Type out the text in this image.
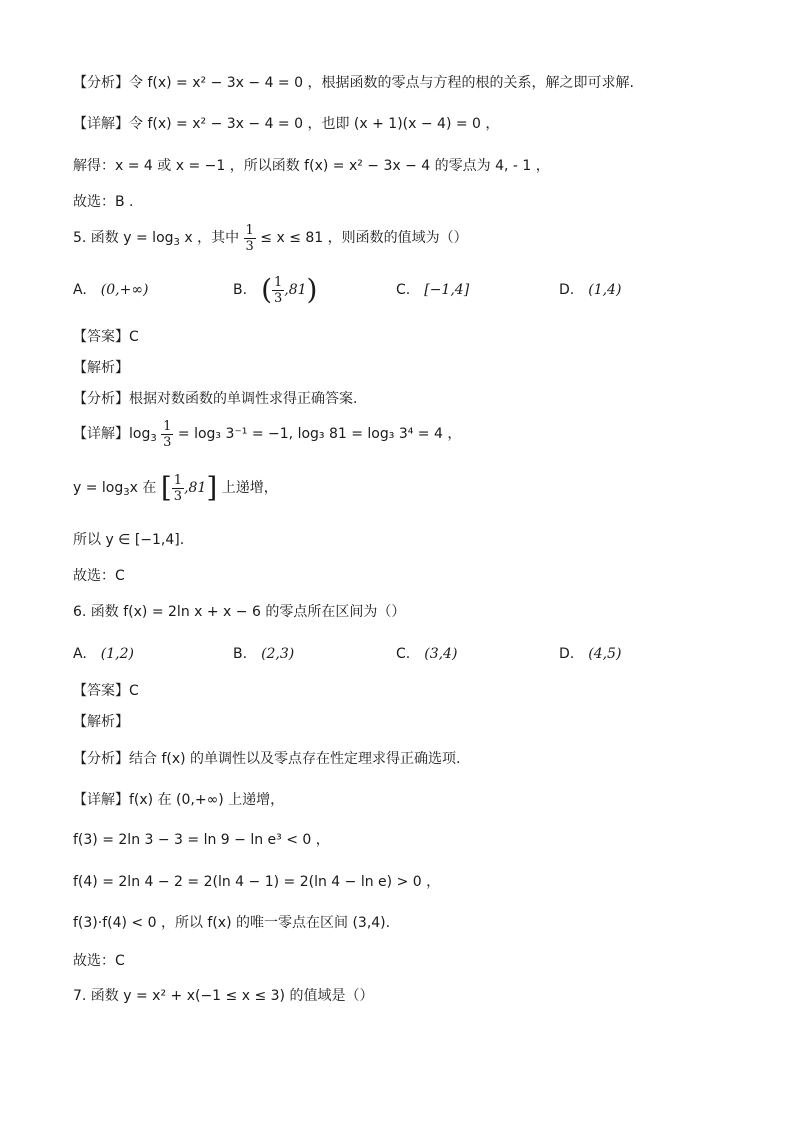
【分析】令 f(x) = x² − 3x − 4 = 0 ，根据函数的零点与方程的根的关系，解之即可求解.
【详解】令 f(x) = x² − 3x − 4 = 0 ，也即 (x + 1)(x − 4) = 0 ，
解得：x = 4 或 x = −1 ，所以函数 f(x) = x² − 3x − 4 的零点为 4, - 1 ，
故选：B .
5. 函数 $y = \log_3 x$ ，其中 $\frac{1}{3} \le x \le 81$ ，则函数的值域为（）
A. (0,+∞)	B. ( $\frac{1}{3} ,81$)	C. [−1,4]	D. (1,4)
【答案】C
【解析】
【分析】根据对数函数的单调性求得正确答案.
【详解】$\log_3 \frac{1}{3} = \log_3$ 3⁻¹ = −1, log₃ 81 = log₃ 3⁴ = 4 ，
$y = \log_3x$ 在 [ $\frac{1}{3} ,81$] 上递增，
所以 y ∈ [−1,4].
故选：C
6. 函数 f(x) = 2ln x + x − 6 的零点所在区间为（）
A. (1,2)	B. (2,3)	C. (3,4)	D. (4,5)
【答案】C
【解析】
【分析】结合 f(x) 的单调性以及零点存在性定理求得正确选项.
【详解】f(x) 在 (0,+∞) 上递增，
f(3) = 2ln 3 − 3 = ln 9 − ln e³ < 0 ，
f(4) = 2ln 4 − 2 = 2(ln 4 − 1) = 2(ln 4 − ln e) > 0 ，
f(3)·f(4) < 0 ，所以 f(x) 的唯一零点在区间 (3,4).
故选：C
7. 函数 y = x² + x(−1 ≤ x ≤ 3) 的值域是（）
